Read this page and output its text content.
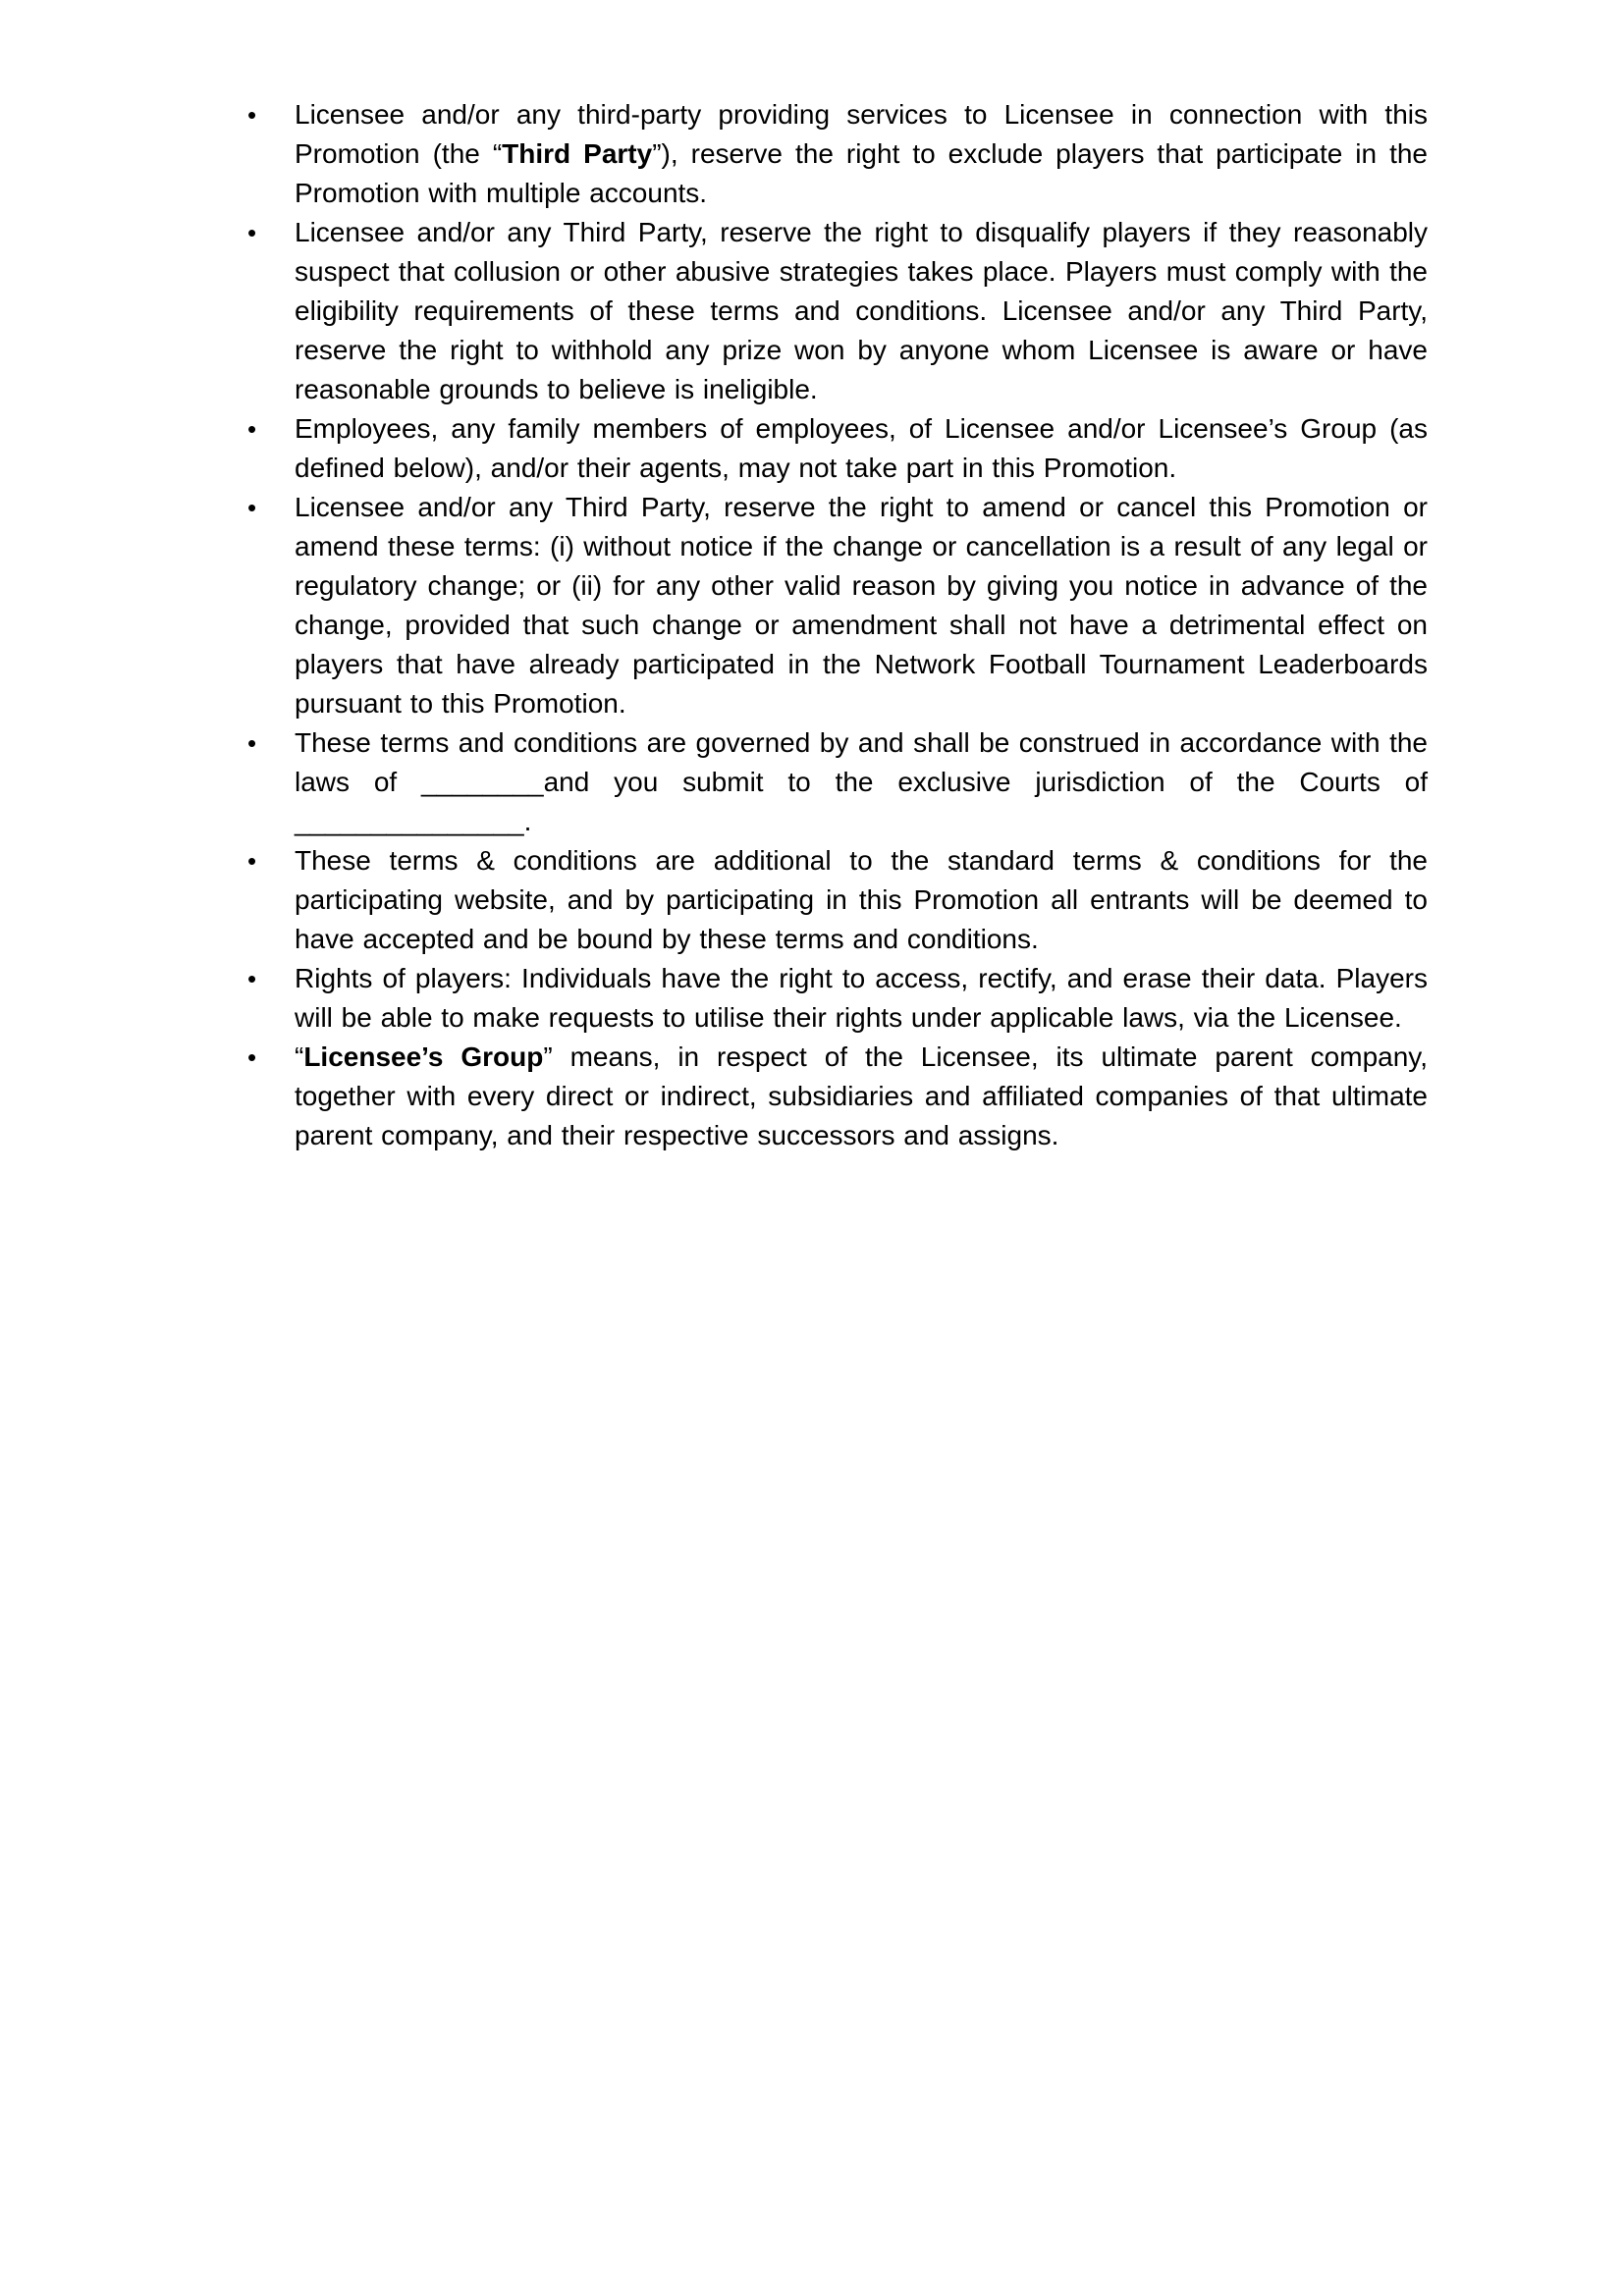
•	Licensee and/or any third-party providing services to Licensee in connection with this Promotion (the “Third Party”), reserve the right to exclude players that participate in the Promotion with multiple accounts.

•	Licensee and/or any Third Party, reserve the right to disqualify players if they reasonably suspect that collusion or other abusive strategies takes place. Players must comply with the eligibility requirements of these terms and conditions. Licensee and/or any Third Party, reserve the right to withhold any prize won by anyone whom Licensee is aware or have reasonable grounds to believe is ineligible.

•	Employees, any family members of employees, of Licensee and/or Licensee’s Group (as defined below), and/or their agents, may not take part in this Promotion.

•	Licensee and/or any Third Party, reserve the right to amend or cancel this Promotion or amend these terms: (i) without notice if the change or cancellation is a result of any legal or regulatory change; or (ii) for any other valid reason by giving you notice in advance of the change, provided that such change or amendment shall not have a detrimental effect on players that have already participated in the Network Football Tournament Leaderboards pursuant to this Promotion.

•	These terms and conditions are governed by and shall be construed in accordance with the laws of ________and you submit to the exclusive jurisdiction of the Courts of _______________.

•	These terms & conditions are additional to the standard terms & conditions for the participating website, and by participating in this Promotion all entrants will be deemed to have accepted and be bound by these terms and conditions.

•	Rights of players: Individuals have the right to access, rectify, and erase their data. Players will be able to make requests to utilise their rights under applicable laws, via the Licensee.

•	“Licensee’s Group” means, in respect of the Licensee, its ultimate parent company, together with every direct or indirect, subsidiaries and affiliated companies of that ultimate parent company, and their respective successors and assigns.
